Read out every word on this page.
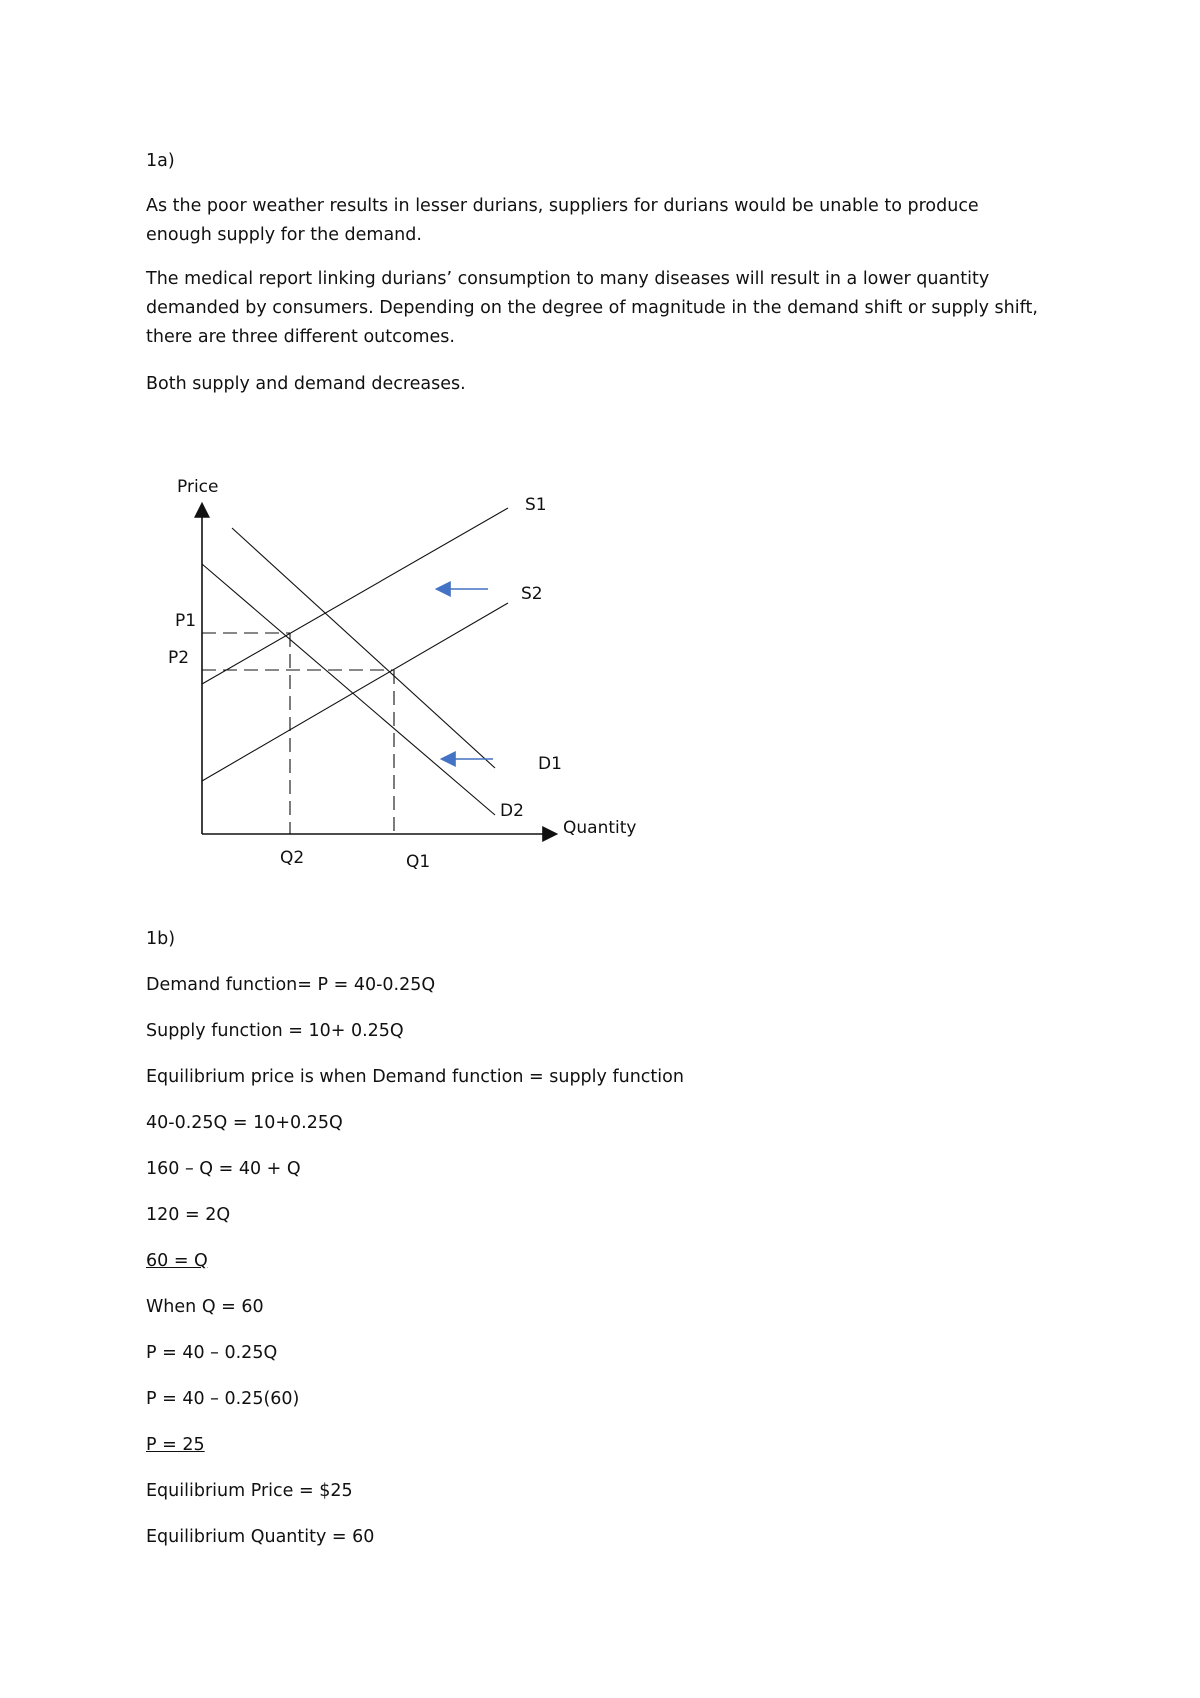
1a)

As the poor weather results in lesser durians, suppliers for durians would be unable to produce enough supply for the demand.

The medical report linking durians’ consumption to many diseases will result in a lower quantity demanded by consumers. Depending on the degree of magnitude in the demand shift or supply shift, there are three different outcomes.

Both supply and demand decreases.

Price
Quantity
S1
S2
D1
D2
P1
P2
Q2	Q1

1b)

Demand function= P = 40-0.25Q

Supply function = 10+ 0.25Q

Equilibrium price is when Demand function = supply function

40-0.25Q = 10+0.25Q

160 – Q = 40 + Q

120 = 2Q

60 = Q

When Q = 60

P = 40 – 0.25Q

P = 40 – 0.25(60)

P = 25

Equilibrium Price = $25

Equilibrium Quantity = 60
